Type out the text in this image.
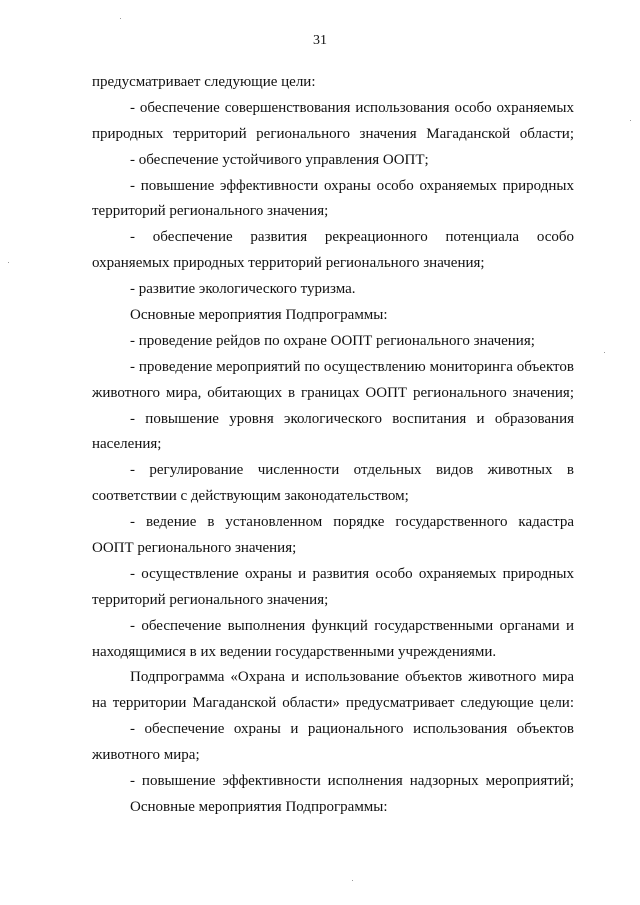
31
предусматривает следующие цели:
- обеспечение совершенствования использования особо охраняемых
природных территорий регионального значения Магаданской области;
- обеспечение устойчивого управления ООПТ;
- повышение эффективности охраны особо охраняемых природных
территорий регионального значения;
- обеспечение развития рекреационного потенциала особо
охраняемых природных территорий регионального значения;
- развитие экологического туризма.
Основные мероприятия Подпрограммы:
- проведение рейдов по охране ООПТ регионального значения;
- проведение мероприятий по осуществлению мониторинга объектов
животного мира, обитающих в границах ООПТ регионального значения;
- повышение уровня экологического воспитания и образования
населения;
- регулирование численности отдельных видов животных в
соответствии с действующим законодательством;
- ведение в установленном порядке государственного кадастра
ООПТ регионального значения;
- осуществление охраны и развития особо охраняемых природных
территорий регионального значения;
- обеспечение выполнения функций государственными органами и
находящимися в их ведении государственными учреждениями.
Подпрограмма «Охрана и использование объектов животного мира
на территории Магаданской области» предусматривает следующие цели:
- обеспечение охраны и рационального использования объектов
животного мира;
- повышение эффективности исполнения надзорных мероприятий;
Основные мероприятия Подпрограммы:
